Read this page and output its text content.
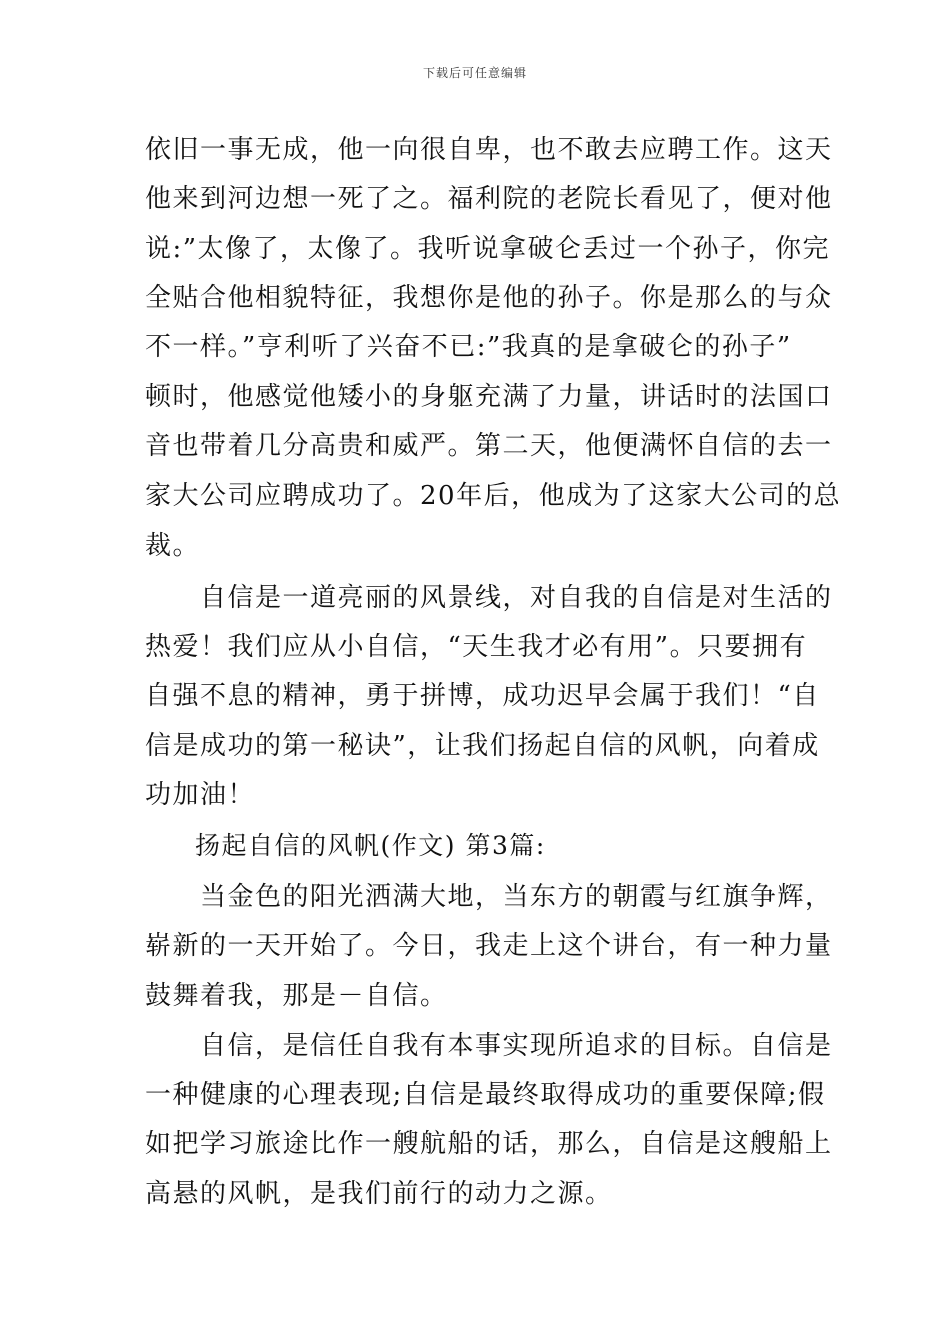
下载后可任意编辑
依旧一事无成，他一向很自卑，也不敢去应聘工作。这天
他来到河边想一死了之。福利院的老院长看见了，便对他
说:”太像了，太像了。我听说拿破仑丢过一个孙子，你完
全贴合他相貌特征，我想你是他的孙子。你是那么的与众
不一样。”亨利听了兴奋不已:”我真的是拿破仑的孙子”
顿时，他感觉他矮小的身躯充满了力量，讲话时的法国口
音也带着几分高贵和威严。第二天，他便满怀自信的去一
家大公司应聘成功了。20年后，他成为了这家大公司的总
裁。
自信是一道亮丽的风景线，对自我的自信是对生活的
热爱！我们应从小自信，“天生我才必有用”。只要拥有
自强不息的精神，勇于拼博，成功迟早会属于我们！“自
信是成功的第一秘诀”，让我们扬起自信的风帆，向着成
功加油！
扬起自信的风帆(作文) 第3篇:
当金色的阳光洒满大地，当东方的朝霞与红旗争辉，
崭新的一天开始了。今日，我走上这个讲台，有一种力量
鼓舞着我，那是－自信。
自信，是信任自我有本事实现所追求的目标。自信是
一种健康的心理表现;自信是最终取得成功的重要保障;假
如把学习旅途比作一艘航船的话，那么，自信是这艘船上
高悬的风帆，是我们前行的动力之源。
